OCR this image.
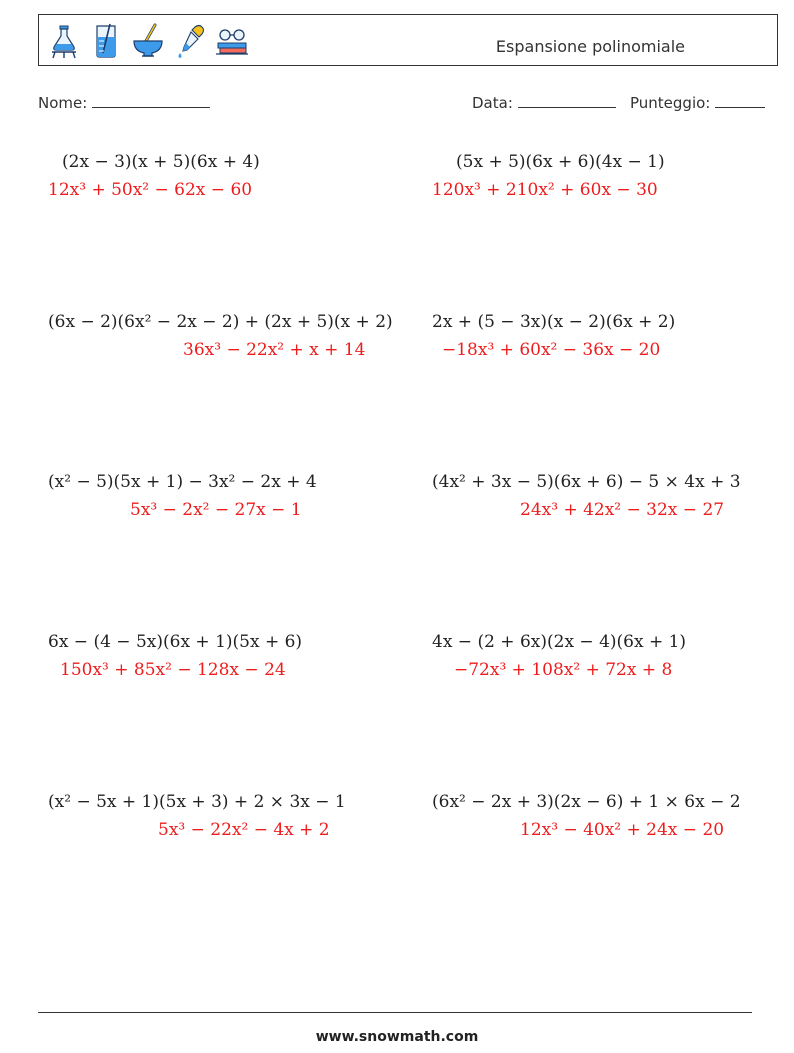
Espansione polinomiale
Nome:	Data:	Punteggio:
(2x − 3)(x + 5)(6x + 4)
12x³ + 50x² − 62x − 60
(5x + 5)(6x + 6)(4x − 1)
120x³ + 210x² + 60x − 30
(6x − 2)(6x² − 2x − 2) + (2x + 5)(x + 2)
36x³ − 22x² + x + 14
2x + (5 − 3x)(x − 2)(6x + 2)
−18x³ + 60x² − 36x − 20
(x² − 5)(5x + 1) − 3x² − 2x + 4
5x³ − 2x² − 27x − 1
(4x² + 3x − 5)(6x + 6) − 5 × 4x + 3
24x³ + 42x² − 32x − 27
6x − (4 − 5x)(6x + 1)(5x + 6)
150x³ + 85x² − 128x − 24
4x − (2 + 6x)(2x − 4)(6x + 1)
−72x³ + 108x² + 72x + 8
(x² − 5x + 1)(5x + 3) + 2 × 3x − 1
5x³ − 22x² − 4x + 2
(6x² − 2x + 3)(2x − 6) + 1 × 6x − 2
12x³ − 40x² + 24x − 20
www.snowmath.com
